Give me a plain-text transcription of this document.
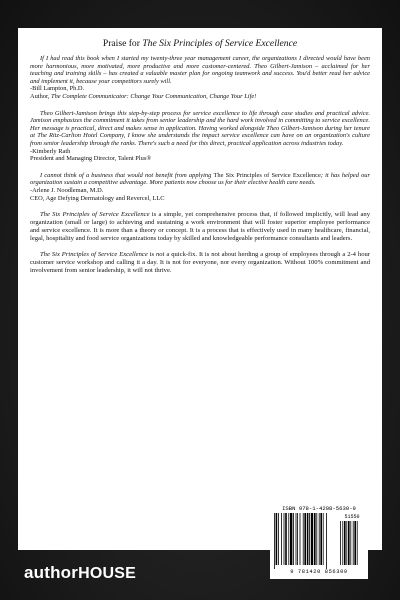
Praise for The Six Principles of Service Excellence

If I had read this book when I started my twenty-three year management career, the organizations I directed would have been more harmonious, more motivated, more productive and more customer-centered. Theo Gilbert-Jamison – acclaimed for her teaching and training skills – has created a valuable master plan for ongoing teamwork and success. You'd better read her advice and implement it, because your competitors surely will.

-Bill Lampton, Ph.D.

Author, The Complete Communicator: Change Your Communication, Change Your Life!

Theo Gilbert-Jamison brings this step-by-step process for service excellence to life through case studies and practical advice. Jamison emphasizes the commitment it takes from senior leadership and the hard work involved in committing to service excellence. Her message is practical, direct and makes sense in application. Having worked alongside Theo Gilbert-Jamison during her tenure at The Ritz-Carlton Hotel Company, I know she understands the impact service excellence can have on an organization's culture from senior leadership through the ranks. There's such a need for this direct, practical application across industries today.

-Kimberly Rath

President and Managing Director, Talent Plus®

I cannot think of a business that would not benefit from applying The Six Principles of Service Excellence; it has helped our organization sustain a competitive advantage. More patients now choose us for their elective health care needs.

-Arlene J. Noodleman, M.D.

CEO, Age Defying Dermatology and Revercel, LLC

The Six Principles of Service Excellence is a simple, yet comprehensive process that, if followed implicitly, will lead any organization (small or large) to achieving and sustaining a work environment that will foster superior employee performance and service excellence. It is more than a theory or concept. It is a process that is effectively used in many healthcare, financial, legal, hospitality and food service organizations today by skilled and knowledgeable performance consultants and leaders.

The Six Principles of Service Excellence is not a quick-fix. It is not about herding a group of employees through a 2-4 hour customer service workshop and calling it a day. It is not for everyone, nor every organization. Without 100% commitment and involvement from senior leadership, it will not thrive.

authorHOUSE
ISBN 978-1-4208-5630-9
51550
9 781420 856309
